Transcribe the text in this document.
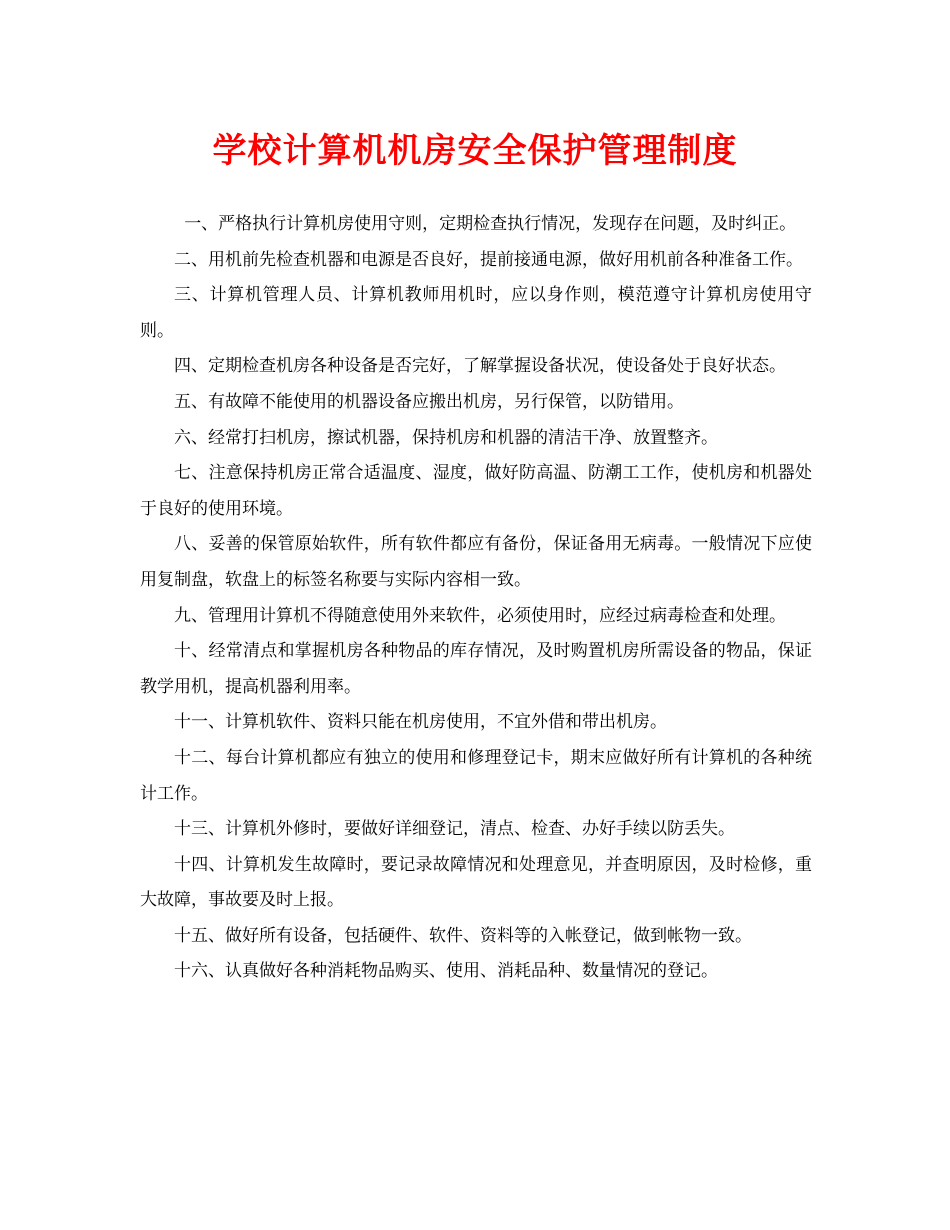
学校计算机机房安全保护管理制度

一、严格执行计算机房使用守则，定期检查执行情况，发现存在问题，及时纠正。

二、用机前先检查机器和电源是否良好，提前接通电源，做好用机前各种准备工作。

三、计算机管理人员、计算机教师用机时，应以身作则，模范遵守计算机房使用守则。

四、定期检查机房各种设备是否完好，了解掌握设备状况，使设备处于良好状态。

五、有故障不能使用的机器设备应搬出机房，另行保管，以防错用。

六、经常打扫机房，擦试机器，保持机房和机器的清洁干净、放置整齐。

七、注意保持机房正常合适温度、湿度，做好防高温、防潮工工作，使机房和机器处于良好的使用环境。

八、妥善的保管原始软件，所有软件都应有备份，保证备用无病毒。一般情况下应使用复制盘，软盘上的标签名称要与实际内容相一致。

九、管理用计算机不得随意使用外来软件，必须使用时，应经过病毒检查和处理。

十、经常清点和掌握机房各种物品的库存情况，及时购置机房所需设备的物品，保证教学用机，提高机器利用率。

十一、计算机软件、资料只能在机房使用，不宜外借和带出机房。

十二、每台计算机都应有独立的使用和修理登记卡，期末应做好所有计算机的各种统计工作。

十三、计算机外修时，要做好详细登记，清点、检查、办好手续以防丢失。

十四、计算机发生故障时，要记录故障情况和处理意见，并查明原因，及时检修，重大故障，事故要及时上报。

十五、做好所有设备，包括硬件、软件、资料等的入帐登记，做到帐物一致。

十六、认真做好各种消耗物品购买、使用、消耗品种、数量情况的登记。
